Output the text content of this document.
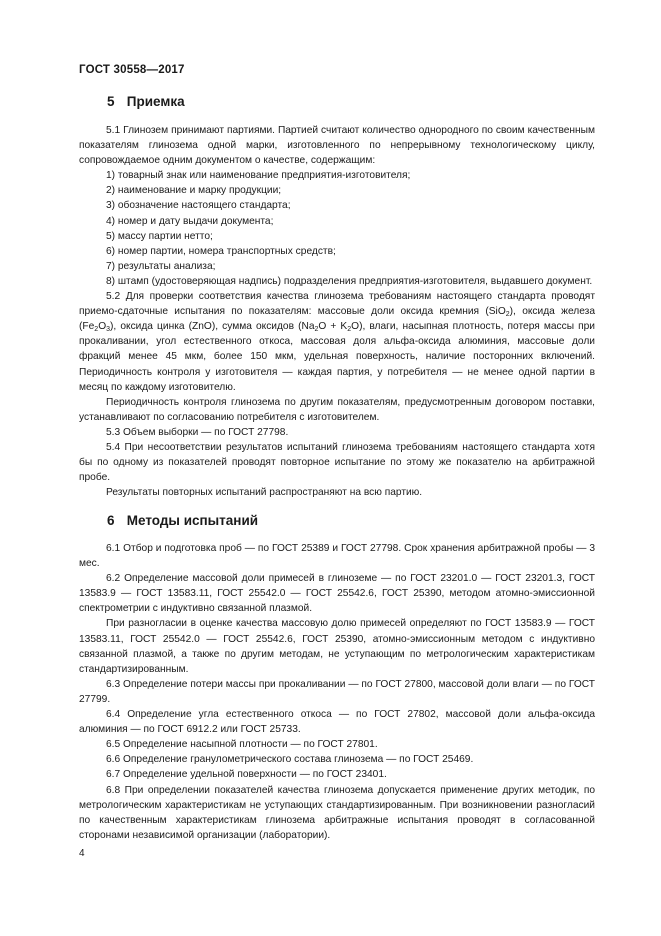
ГОСТ 30558—2017
5 Приемка

5.1 Глинозем принимают партиями. Партией считают количество однородного по своим качественным показателям глинозема одной марки, изготовленного по непрерывному технологическому циклу, сопровождаемое одним документом о качестве, содержащим:

1) товарный знак или наименование предприятия-изготовителя;

2) наименование и марку продукции;

3) обозначение настоящего стандарта;

4) номер и дату выдачи документа;

5) массу партии нетто;

6) номер партии, номера транспортных средств;

7) результаты анализа;

8) штамп (удостоверяющая надпись) подразделения предприятия-изготовителя, выдавшего документ.

5.2 Для проверки соответствия качества глинозема требованиям настоящего стандарта проводят приемо-сдаточные испытания по показателям: массовые доли оксида кремния (SiO$_2$), оксида железа $(Fe_2O_3)$, оксида цинка (ZnO), сумма оксидов $(Na_2O + K_2O)$, влаги, насыпная плотность, потеря массы при прокаливании, угол естественного откоса, массовая доля альфа-оксида алюминия, массовые доли фракций менее 45 мкм, более 150 мкм, удельная поверхность, наличие посторонних включений. Периодичность контроля у изготовителя — каждая партия, у потребителя — не менее одной партии в месяц по каждому изготовителю.

Периодичность контроля глинозема по другим показателям, предусмотренным договором поставки, устанавливают по согласованию потребителя с изготовителем.

5.3 Объем выборки — по ГОСТ 27798.

5.4 При несоответствии результатов испытаний глинозема требованиям настоящего стандарта хотя бы по одному из показателей проводят повторное испытание по этому же показателю на арбитражной пробе.

Результаты повторных испытаний распространяют на всю партию.

6 Методы испытаний

6.1 Отбор и подготовка проб — по ГОСТ 25389 и ГОСТ 27798. Срок хранения арбитражной пробы — 3 мес.

6.2 Определение массовой доли примесей в глиноземе — по ГОСТ 23201.0 — ГОСТ 23201.3, ГОСТ 13583.9 — ГОСТ 13583.11, ГОСТ 25542.0 — ГОСТ 25542.6, ГОСТ 25390, методом атомно-эмиссионной спектрометрии с индуктивно связанной плазмой.

При разногласии в оценке качества массовую долю примесей определяют по ГОСТ 13583.9 — ГОСТ 13583.11, ГОСТ 25542.0 — ГОСТ 25542.6, ГОСТ 25390, атомно-эмиссионным методом с индуктивно связанной плазмой, а также по другим методам, не уступающим по метрологическим характеристикам стандартизированным.

6.3 Определение потери массы при прокаливании — по ГОСТ 27800, массовой доли влаги — по ГОСТ 27799.

6.4 Определение угла естественного откоса — по ГОСТ 27802, массовой доли альфа-оксида алюминия — по ГОСТ 6912.2 или ГОСТ 25733.

6.5 Определение насыпной плотности — по ГОСТ 27801.

6.6 Определение гранулометрического состава глинозема — по ГОСТ 25469.

6.7 Определение удельной поверхности — по ГОСТ 23401.

6.8 При определении показателей качества глинозема допускается применение других методик, по метрологическим характеристикам не уступающих стандартизированным. При возникновении разногласий по качественным характеристикам глинозема арбитражные испытания проводят в согласованной сторонами независимой организации (лаборатории).

4
